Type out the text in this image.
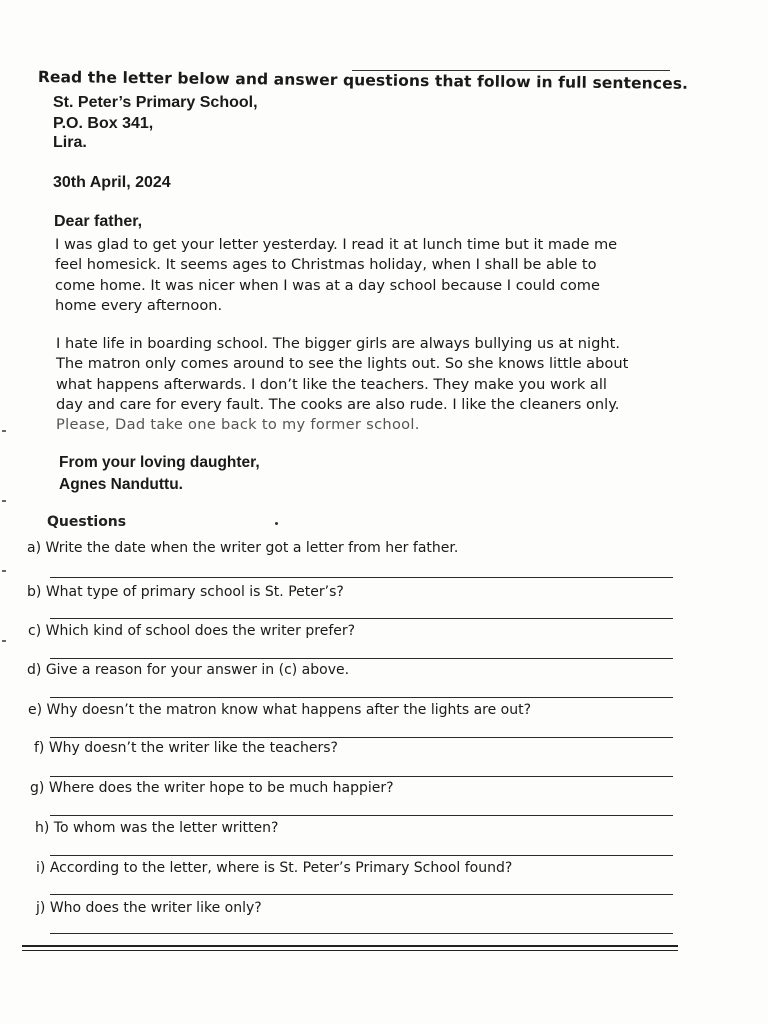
Read the letter below and answer questions that follow in full sentences.
St. Peter’s Primary School,
P.O. Box 341,
Lira.
30th April, 2024
Dear father,
I was glad to get your letter yesterday. I read it at lunch time but it made me
feel homesick. It seems ages to Christmas holiday, when I shall be able to
come home. It was nicer when I was at a day school because I could come
home every afternoon.
I hate life in boarding school. The bigger girls are always bullying us at night.
The matron only comes around to see the lights out. So she knows little about
what happens afterwards. I don’t like the teachers. They make you work all
day and care for every fault. The cooks are also rude. I like the cleaners only.
Please, Dad take one back to my former school.
From your loving daughter,
Agnes Nanduttu.
Questions
a) Write the date when the writer got a letter from her father.
b) What type of primary school is St. Peter’s?
c) Which kind of school does the writer prefer?
d) Give a reason for your answer in (c) above.
e) Why doesn’t the matron know what happens after the lights are out?
f) Why doesn’t the writer like the teachers?
g) Where does the writer hope to be much happier?
h) To whom was the letter written?
i) According to the letter, where is St. Peter’s Primary School found?
j) Who does the writer like only?
